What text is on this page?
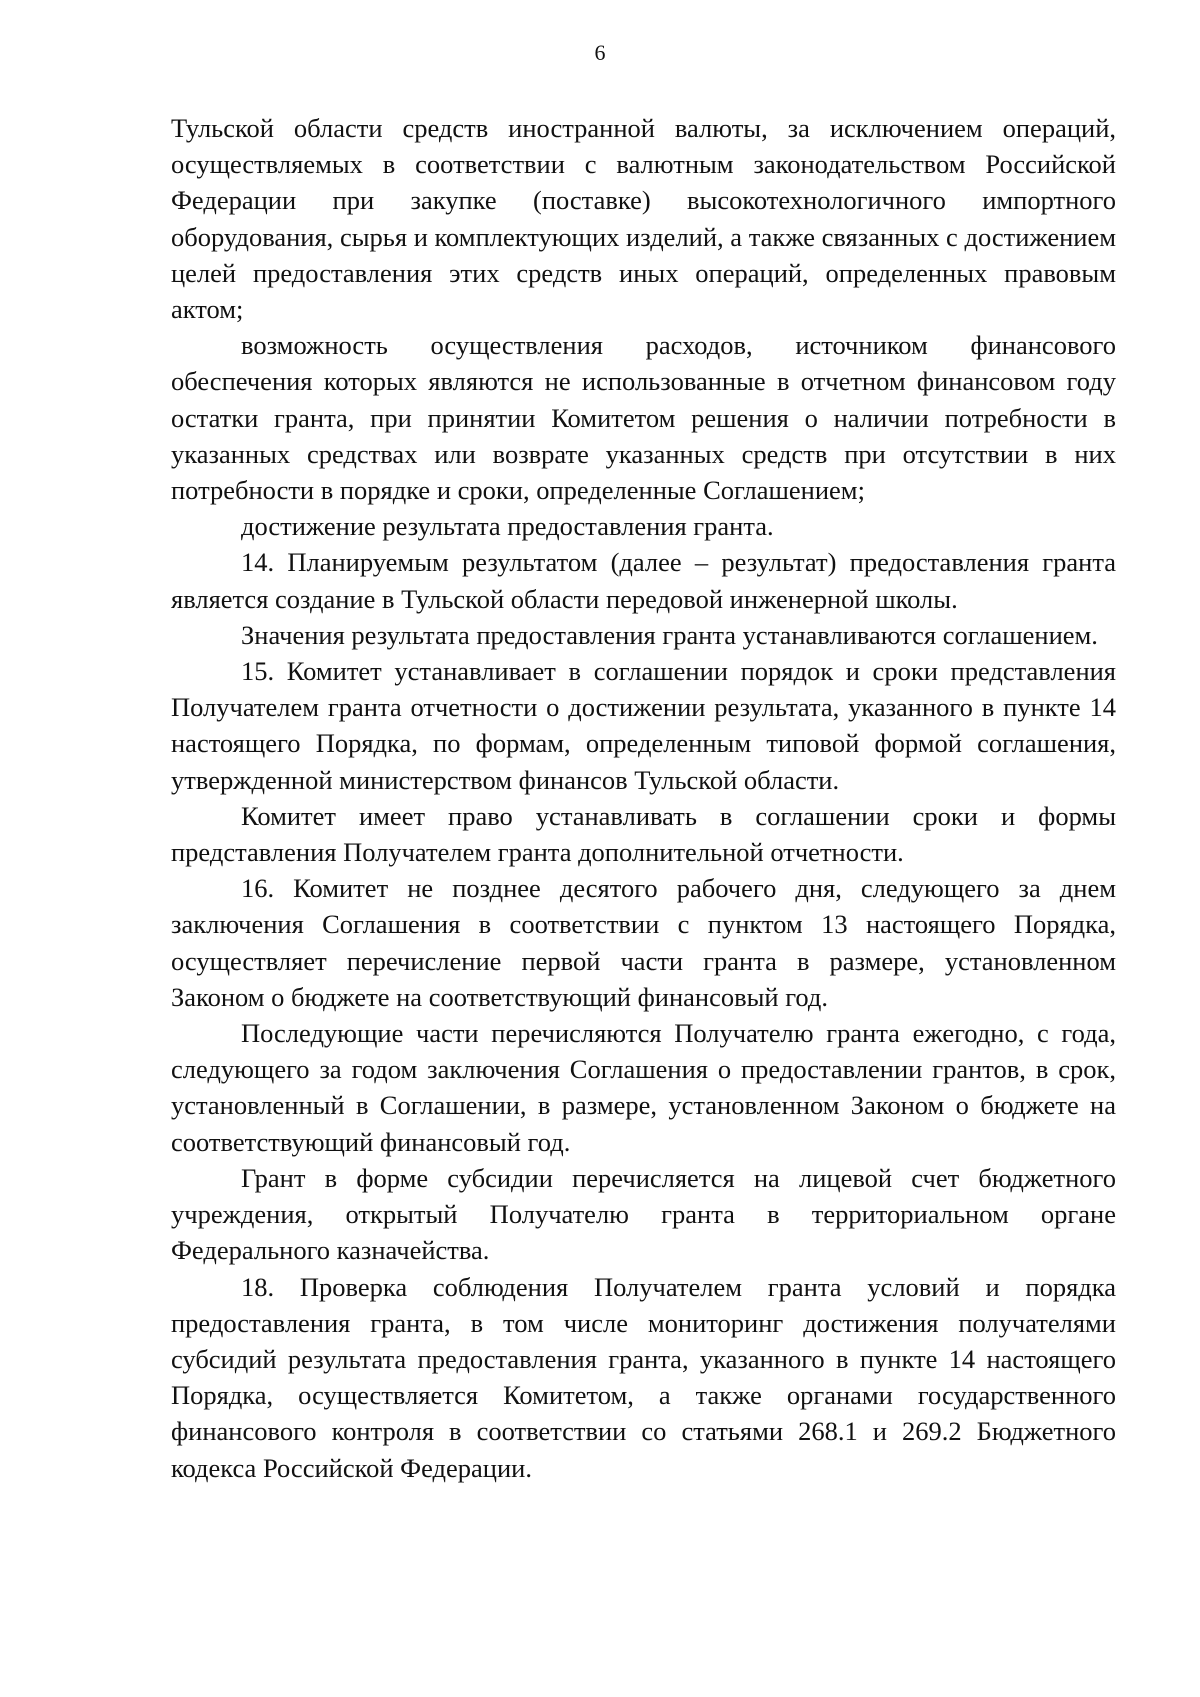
6

Тульской области средств иностранной валюты, за исключением операций, осуществляемых в соответствии с валютным законодательством Российской Федерации при закупке (поставке) высокотехнологичного импортного оборудования, сырья и комплектующих изделий, а также связанных с достижением целей предоставления этих средств иных операций, определенных правовым актом;

возможность осуществления расходов, источником финансового обеспечения которых являются не использованные в отчетном финансовом году остатки гранта, при принятии Комитетом решения о наличии потребности в указанных средствах или возврате указанных средств при отсутствии в них потребности в порядке и сроки, определенные Соглашением;

достижение результата предоставления гранта.

14. Планируемым результатом (далее – результат) предоставления гранта является создание в Тульской области передовой инженерной школы.

Значения результата предоставления гранта устанавливаются соглашением.

15. Комитет устанавливает в соглашении порядок и сроки представления Получателем гранта отчетности о достижении результата, указанного в пункте 14 настоящего Порядка, по формам, определенным типовой формой соглашения, утвержденной министерством финансов Тульской области.

Комитет имеет право устанавливать в соглашении сроки и формы представления Получателем гранта дополнительной отчетности.

16. Комитет не позднее десятого рабочего дня, следующего за днем заключения Соглашения в соответствии с пунктом 13 настоящего Порядка, осуществляет перечисление первой части гранта в размере, установленном Законом о бюджете на соответствующий финансовый год.

Последующие части перечисляются Получателю гранта ежегодно, с года, следующего за годом заключения Соглашения о предоставлении грантов, в срок, установленный в Соглашении, в размере, установленном Законом о бюджете на соответствующий финансовый год.

Грант в форме субсидии перечисляется на лицевой счет бюджетного учреждения, открытый Получателю гранта в территориальном органе Федерального казначейства.

18. Проверка соблюдения Получателем гранта условий и порядка предоставления гранта, в том числе мониторинг достижения получателями субсидий результата предоставления гранта, указанного в пункте 14 настоящего Порядка, осуществляется Комитетом, а также органами государственного финансового контроля в соответствии со статьями 268.1 и 269.2 Бюджетного кодекса Российской Федерации.
